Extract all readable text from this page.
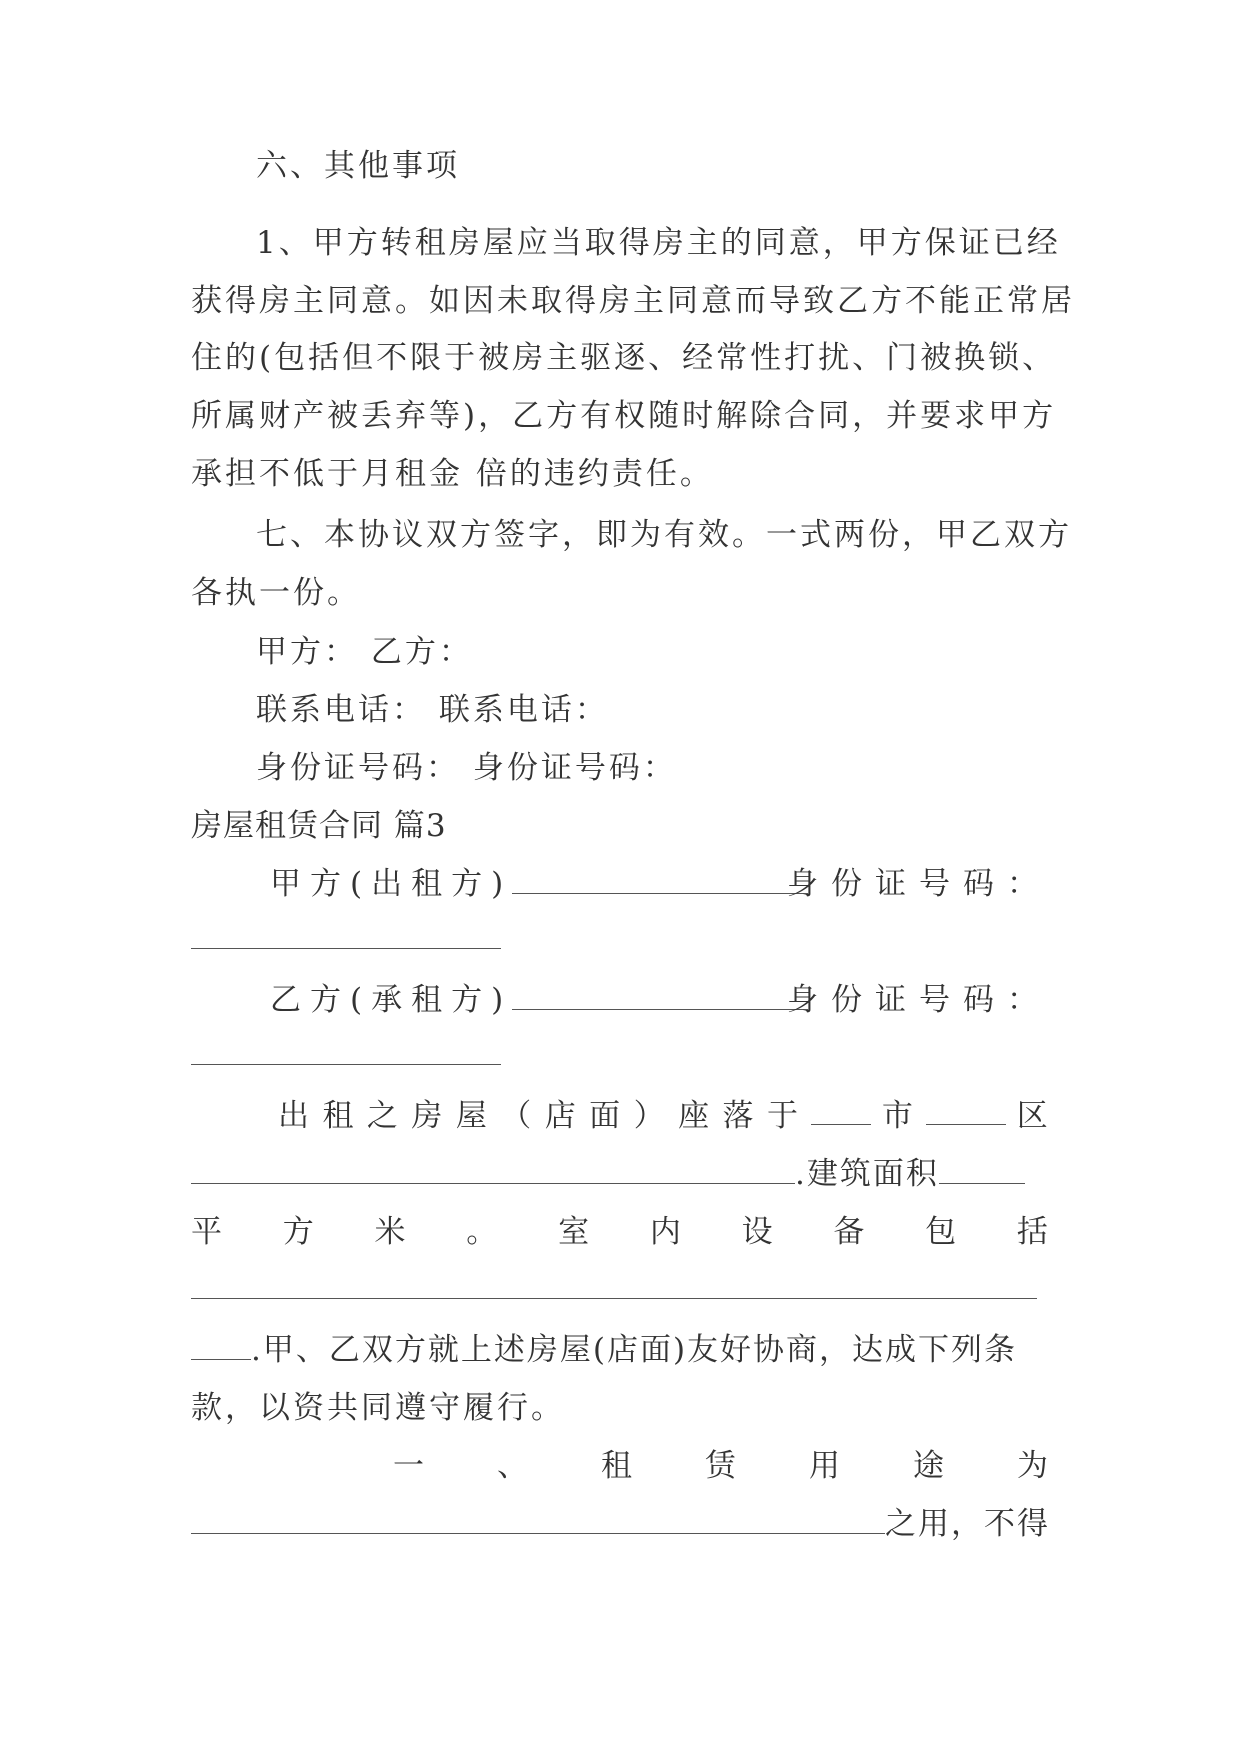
六、其他事项
1、甲方转租房屋应当取得房主的同意，甲方保证已经
获得房主同意。如因未取得房主同意而导致乙方不能正常居
住的(包括但不限于被房主驱逐、经常性打扰、门被换锁、
所属财产被丢弃等)，乙方有权随时解除合同，并要求甲方
承担不低于月租金 倍的违约责任。
七、本协议双方签字，即为有效。一式两份，甲乙双方
各执一份。
甲方： 乙方：
联系电话： 联系电话：
身份证号码： 身份证号码：
房屋租赁合同 篇3
甲方(出租方)	身份证号码：
乙方(承租方)	身份证号码：
出 租 之 房 屋 （ 店 面 ） 座 落 于	市	区
.建筑面积
平 方 米 。 室 内 设 备 包 括
.甲、乙双方就上述房屋(店面)友好协商，达成下列条
款，以资共同遵守履行。
一 、 租 赁 用 途 为
之用，不得
